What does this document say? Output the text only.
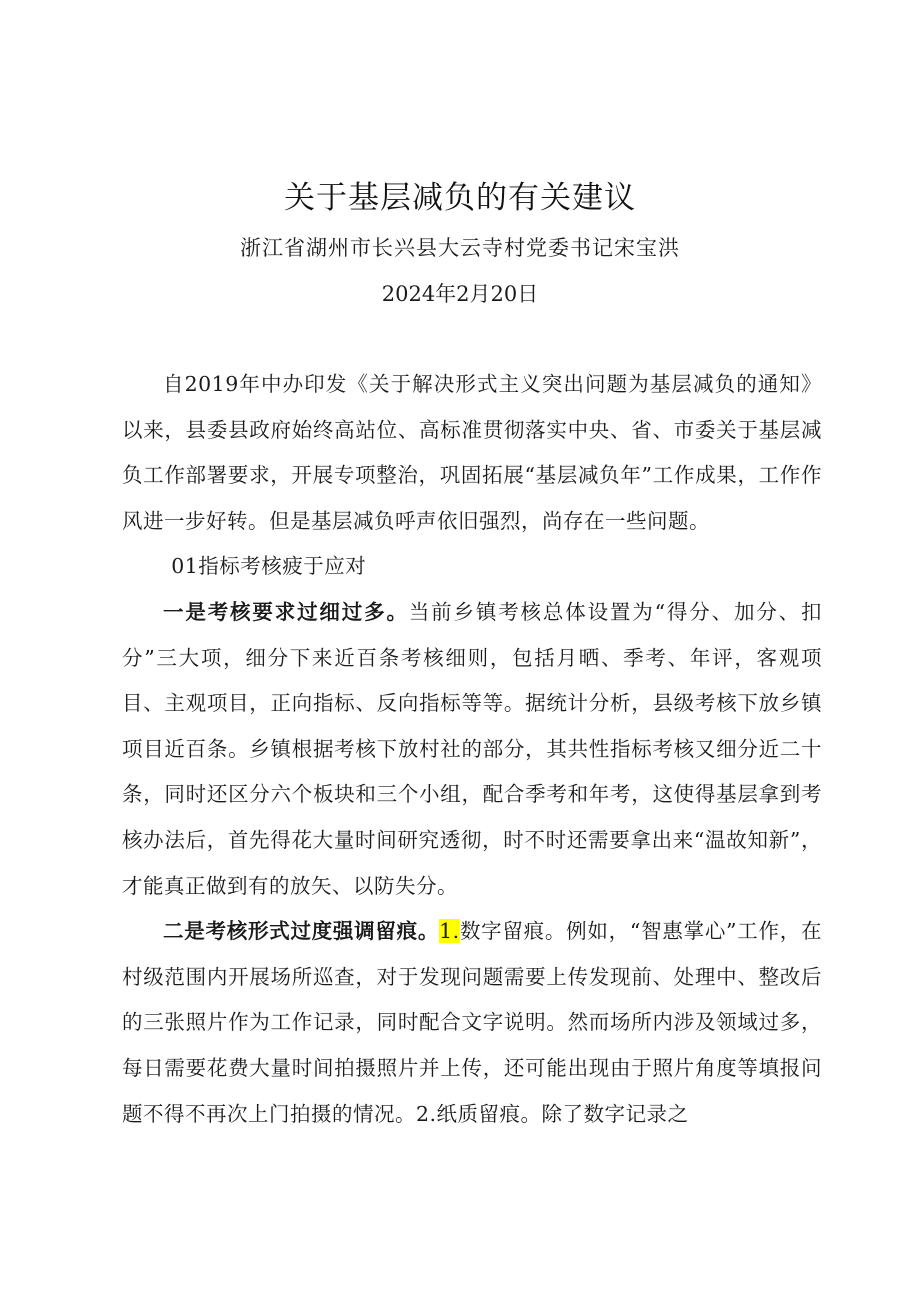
关于基层减负的有关建议
浙江省湖州市长兴县大云寺村党委书记宋宝洪
2024年2月20日

自2019年中办印发《关于解决形式主义突出问题为基层减负的通知》以来，县委县政府始终高站位、高标准贯彻落实中央、省、市委关于基层减负工作部署要求，开展专项整治，巩固拓展“基层减负年”工作成果，工作作风进一步好转。但是基层减负呼声依旧强烈，尚存在一些问题。

01指标考核疲于应对

一是考核要求过细过多。当前乡镇考核总体设置为“得分、加分、扣分”三大项，细分下来近百条考核细则，包括月晒、季考、年评，客观项目、主观项目，正向指标、反向指标等等。据统计分析，县级考核下放乡镇项目近百条。乡镇根据考核下放村社的部分，其共性指标考核又细分近二十条，同时还区分六个板块和三个小组，配合季考和年考，这使得基层拿到考核办法后，首先得花大量时间研究透彻，时不时还需要拿出来“温故知新”，才能真正做到有的放矢、以防失分。

二是考核形式过度强调留痕。1.数字留痕。例如，“智惠掌心”工作，在村级范围内开展场所巡查，对于发现问题需要上传发现前、处理中、整改后的三张照片作为工作记录，同时配合文字说明。然而场所内涉及领域过多，每日需要花费大量时间拍摄照片并上传，还可能出现由于照片角度等填报问题不得不再次上门拍摄的情况。2.纸质留痕。除了数字记录之
